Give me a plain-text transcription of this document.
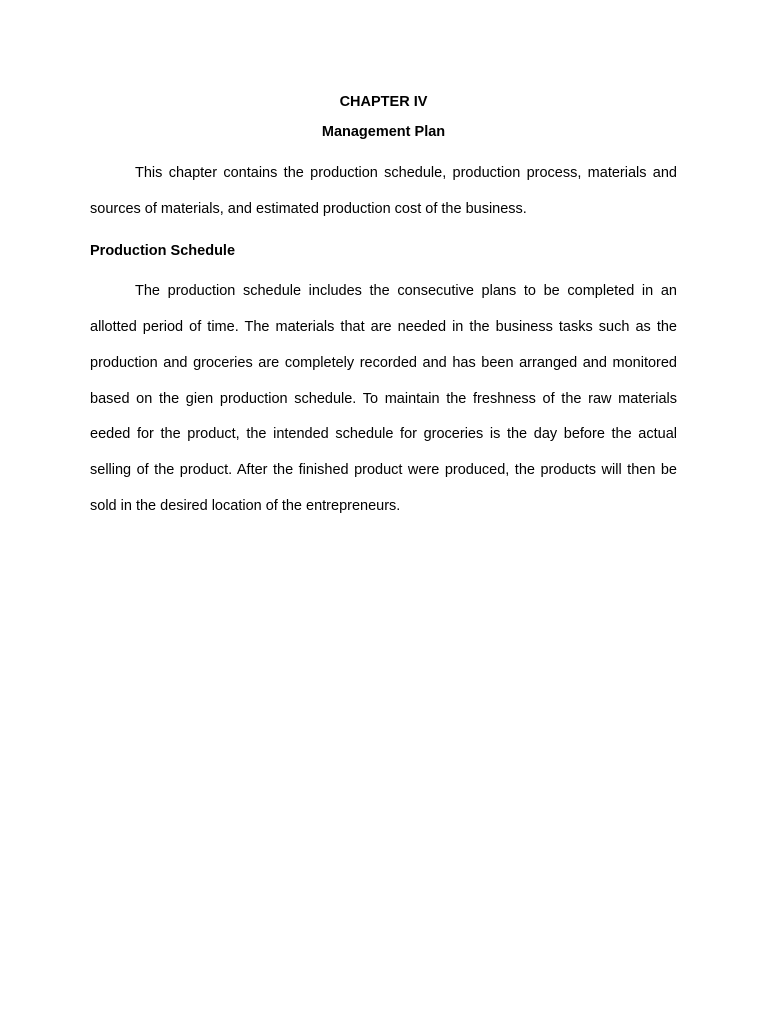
CHAPTER IV
Management Plan

This chapter contains the production schedule, production process, materials and sources of materials, and estimated production cost of the business.

Production Schedule

The production schedule includes the consecutive plans to be completed in an allotted period of time. The materials that are needed in the business tasks such as the production and groceries are completely recorded and has been arranged and monitored based on the gien production schedule. To maintain the freshness of the raw materials eeded for the product, the intended schedule for groceries is the day before the actual selling of the product. After the finished product were produced, the products will then be sold in the desired location of the entrepreneurs.
